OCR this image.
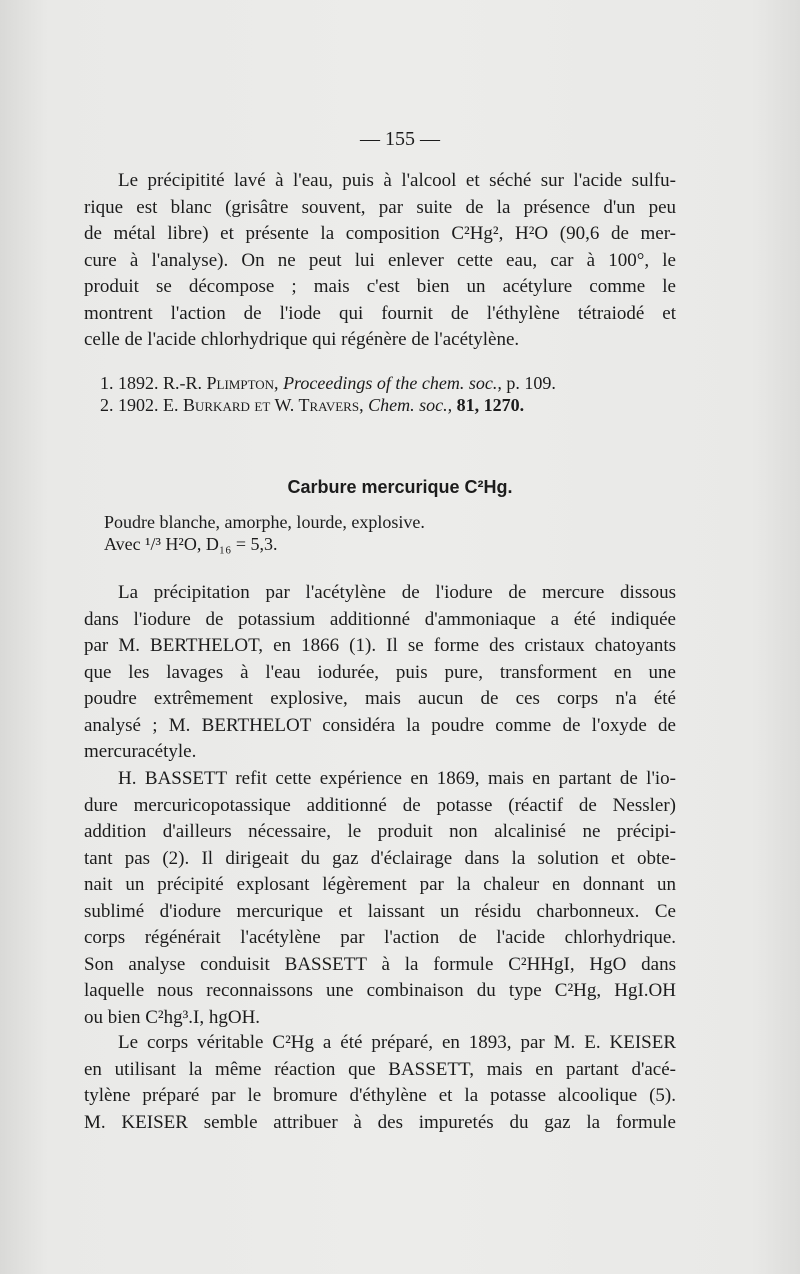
— 155 —
Le précipitité lavé à l'eau, puis à l'alcool et séché sur l'acide sulfu-
rique est blanc (grisâtre souvent, par suite de la présence d'un peu
de métal libre) et présente la composition C²Hg², H²O (90,6 de mer-
cure à l'analyse). On ne peut lui enlever cette eau, car à 100°, le
produit se décompose ; mais c'est bien un acétylure comme le
montrent l'action de l'iode qui fournit de l'éthylène tétraiodé et
celle de l'acide chlorhydrique qui régénère de l'acétylène.
1. 1892. R.-R. Plimpton, Proceedings of the chem. soc., p. 109.
2. 1902. E. Burkard et W. Travers, Chem. soc., 81, 1270.
Carbure mercurique C²Hg.
Poudre blanche, amorphe, lourde, explosive.
Avec ¹/³ H²O, D₁₆ = 5,3.
La précipitation par l'acétylène de l'iodure de mercure dissous
dans l'iodure de potassium additionné d'ammoniaque a été indiquée
par M. BERTHELOT, en 1866 (1). Il se forme des cristaux chatoyants
que les lavages à l'eau iodurée, puis pure, transforment en une
poudre extrêmement explosive, mais aucun de ces corps n'a été
analysé ; M. BERTHELOT considéra la poudre comme de l'oxyde de
mercuracétyle.
H. BASSETT refit cette expérience en 1869, mais en partant de l'io-
dure mercuricopotassique additionné de potasse (réactif de Nessler)
addition d'ailleurs nécessaire, le produit non alcalinisé ne précipi-
tant pas (2). Il dirigeait du gaz d'éclairage dans la solution et obte-
nait un précipité explosant légèrement par la chaleur en donnant un
sublimé d'iodure mercurique et laissant un résidu charbonneux. Ce
corps régénérait l'acétylène par l'action de l'acide chlorhydrique.
Son analyse conduisit BASSETT à la formule C²HHgI, HgO dans
laquelle nous reconnaissons une combinaison du type C²Hg, HgI.OH
ou bien C²hg³.I, hgOH.
Le corps véritable C²Hg a été préparé, en 1893, par M. E. KEISER
en utilisant la même réaction que BASSETT, mais en partant d'acé-
tylène préparé par le bromure d'éthylène et la potasse alcoolique (5).
M. KEISER semble attribuer à des impuretés du gaz la formule
